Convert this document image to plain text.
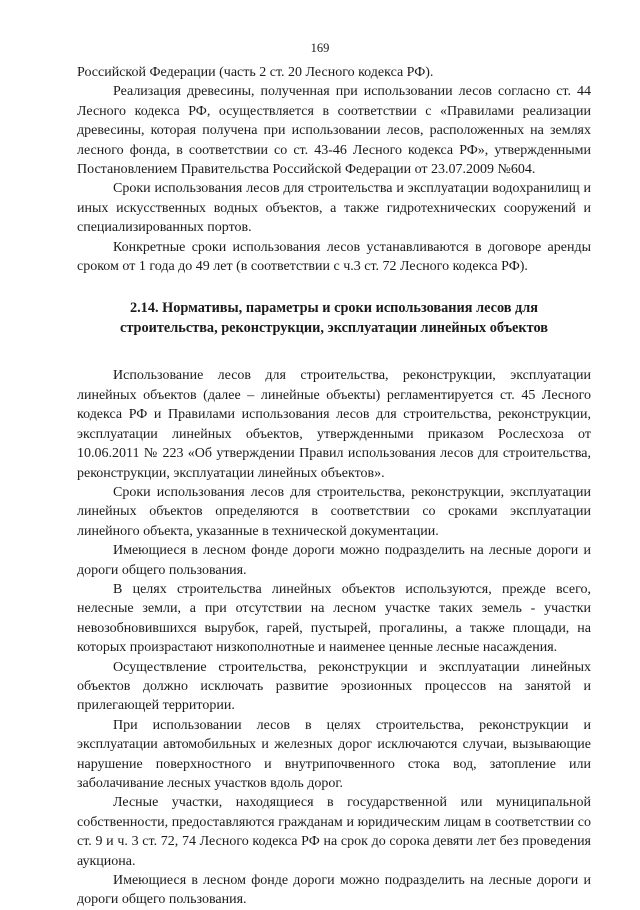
169

Российской Федерации (часть 2 ст. 20 Лесного кодекса РФ).

Реализация древесины, полученная при использовании лесов согласно ст. 44 Лесного кодекса РФ, осуществляется в соответствии с «Правилами реализации древесины, которая получена при использовании лесов, расположенных на землях лесного фонда, в соответствии со ст. 43-46 Лесного кодекса РФ», утвержденными Постановлением Правительства Российской Федерации от 23.07.2009 №604.

Сроки использования лесов для строительства и эксплуатации водохранилищ и иных искусственных водных объектов, а также гидротехнических сооружений и специализированных портов.

Конкретные сроки использования лесов устанавливаются в договоре аренды сроком от 1 года до 49 лет (в соответствии с ч.3 ст. 72 Лесного кодекса РФ).

2.14. Нормативы, параметры и сроки использования лесов для строительства, реконструкции, эксплуатации линейных объектов

Использование лесов для строительства, реконструкции, эксплуатации линейных объектов (далее – линейные объекты) регламентируется ст. 45 Лесного кодекса РФ и Правилами использования лесов для строительства, реконструкции, эксплуатации линейных объектов, утвержденными приказом Рослесхоза от 10.06.2011 № 223 «Об утверждении Правил использования лесов для строительства, реконструкции, эксплуатации линейных объектов».

Сроки использования лесов для строительства, реконструкции, эксплуатации линейных объектов определяются в соответствии со сроками эксплуатации линейного объекта, указанные в технической документации.

Имеющиеся в лесном фонде дороги можно подразделить на лесные дороги и дороги общего пользования.

В целях строительства линейных объектов используются, прежде всего, нелесные земли, а при отсутствии на лесном участке таких земель - участки невозобновившихся вырубок, гарей, пустырей, прогалины, а также площади, на которых произрастают низкополнотные и наименее ценные лесные насаждения.

Осуществление строительства, реконструкции и эксплуатации линейных объектов должно исключать развитие эрозионных процессов на занятой и прилегающей территории.

При использовании лесов в целях строительства, реконструкции и эксплуатации автомобильных и железных дорог исключаются случаи, вызывающие нарушение поверхностного и внутрипочвенного стока вод, затопление или заболачивание лесных участков вдоль дорог.

Лесные участки, находящиеся в государственной или муниципальной собственности, предоставляются гражданам и юридическим лицам в соответствии со ст. 9 и ч. 3 ст. 72, 74 Лесного кодекса РФ на срок до сорока девяти лет без проведения аукциона.

Имеющиеся в лесном фонде дороги можно подразделить на лесные дороги и дороги общего пользования.
